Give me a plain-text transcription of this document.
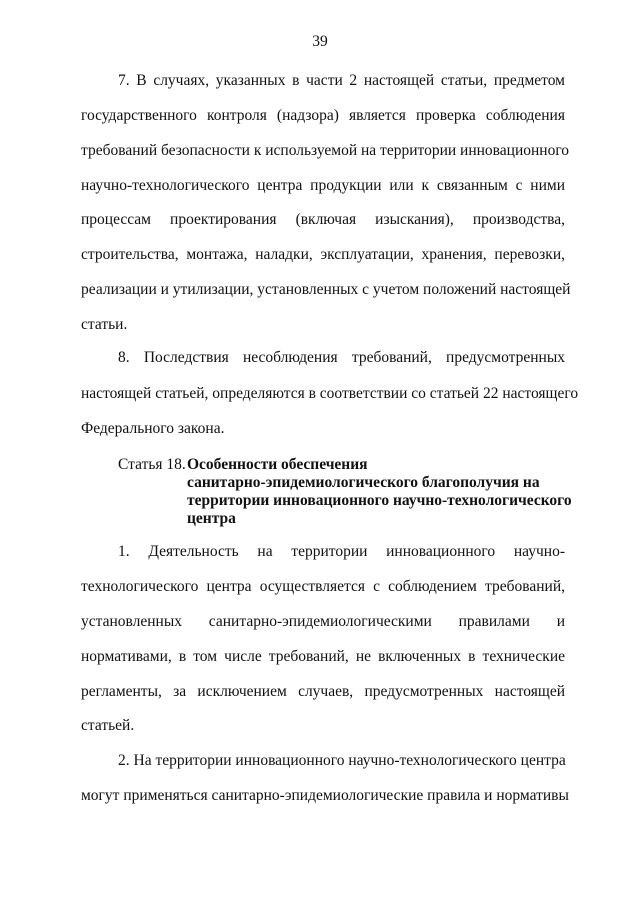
39
7. В случаях, указанных в части 2 настоящей статьи, предметом
государственного контроля (надзора) является проверка соблюдения
требований безопасности к используемой на территории инновационного
научно-технологического центра продукции или к связанным с ними
процессам проектирования (включая изыскания), производства,
строительства, монтажа, наладки, эксплуатации, хранения, перевозки,
реализации и утилизации, установленных с учетом положений настоящей
статьи.
8. Последствия несоблюдения требований, предусмотренных
настоящей статьей, определяются в соответствии со статьей 22 настоящего
Федерального закона.
Статья 18. Особенности обеспечения
санитарно-эпидемиологического благополучия на
территории инновационного научно-технологического
центра
1. Деятельность на территории инновационного научно-
технологического центра осуществляется с соблюдением требований,
установленных санитарно-эпидемиологическими правилами и
нормативами, в том числе требований, не включенных в технические
регламенты, за исключением случаев, предусмотренных настоящей
статьей.
2. На территории инновационного научно-технологического центра
могут применяться санитарно-эпидемиологические правила и нормативы
